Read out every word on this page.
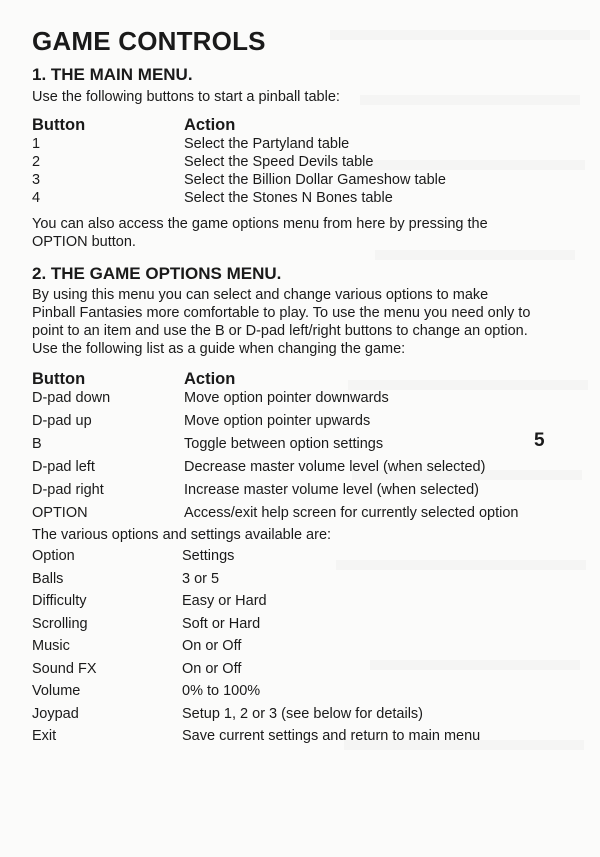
GAME CONTROLS
1. THE MAIN MENU.

Use the following buttons to start a pinball table:

Button	Action
1	Select the Partyland table
2	Select the Speed Devils table
3	Select the Billion Dollar Gameshow table
4	Select the Stones N Bones table

You can also access the game options menu from here by pressing the OPTION button.

2. THE GAME OPTIONS MENU.

By using this menu you can select and change various options to make Pinball Fantasies more comfortable to play. To use the menu you need only to point to an item and use the B or D-pad left/right buttons to change an option. Use the following list as a guide when changing the game:

Button	Action
D-pad down	Move option pointer downwards
D-pad up	Move option pointer upwards
B	Toggle between option settings
D-pad left	Decrease master volume level (when selected)
D-pad right	Increase master volume level (when selected)
OPTION	Access/exit help screen for currently selected option

The various options and settings available are:

Option	Settings
Balls	3 or 5
Difficulty	Easy or Hard
Scrolling	Soft or Hard
Music	On or Off
Sound FX	On or Off
Volume	0% to 100%
Joypad	Setup 1, 2 or 3 (see below for details)
Exit	Save current settings and return to main menu
5
